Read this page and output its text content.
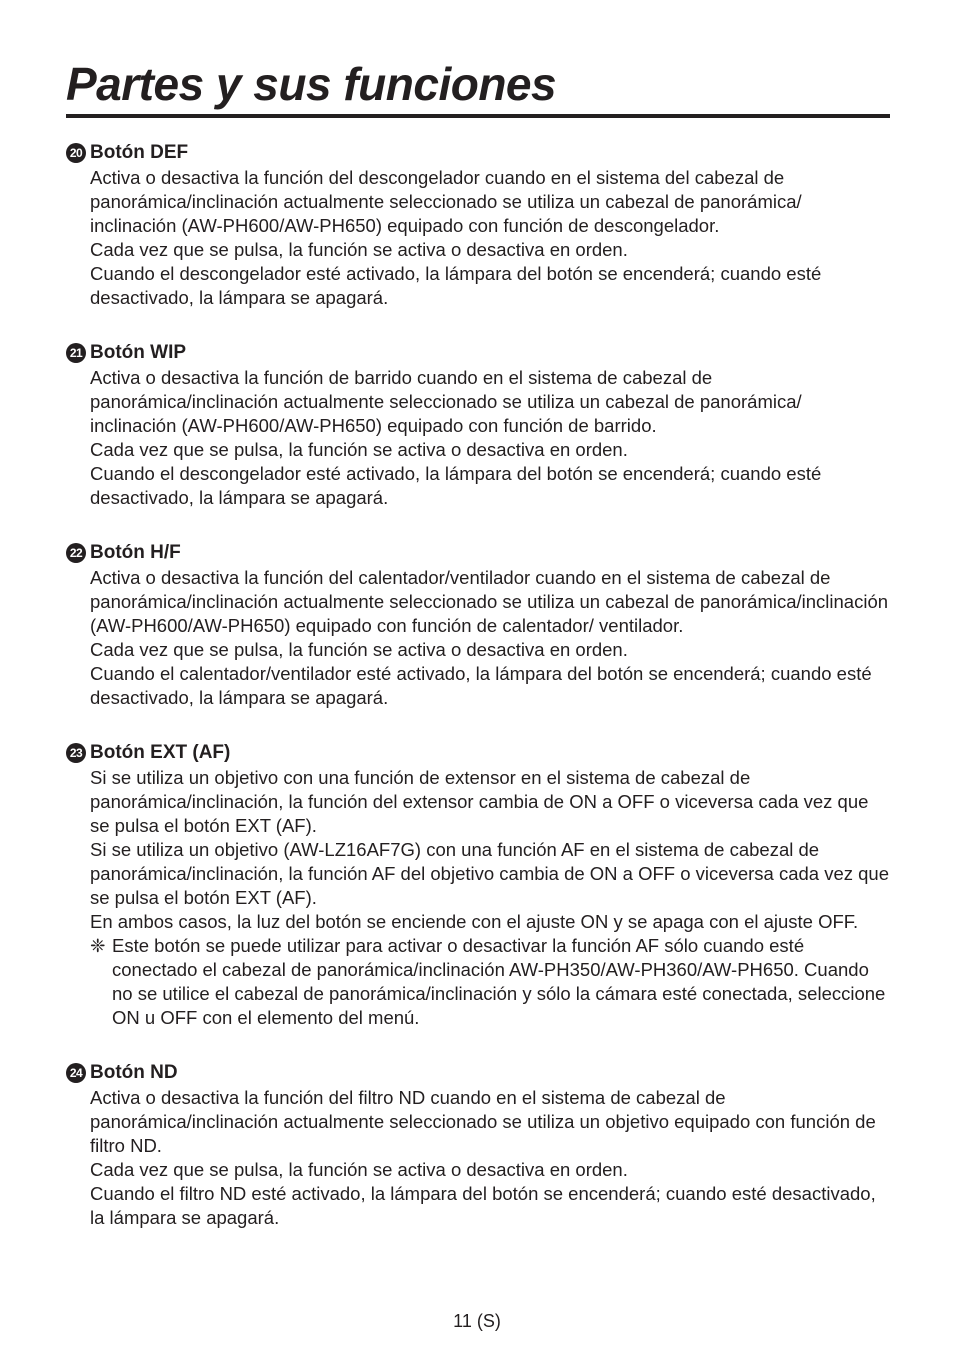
Partes y sus funciones
20 Botón DEF

Activa o desactiva la función del descongelador cuando en el sistema del cabezal de panorámica/inclinación actualmente seleccionado se utiliza un cabezal de panorámica/ inclinación (AW-PH600/AW-PH650) equipado con función de descongelador.

Cada vez que se pulsa, la función se activa o desactiva en orden.

Cuando el descongelador esté activado, la lámpara del botón se encenderá; cuando esté desactivado, la lámpara se apagará.

21 Botón WIP

Activa o desactiva la función de barrido cuando en el sistema de cabezal de panorámica/inclinación actualmente seleccionado se utiliza un cabezal de panorámica/ inclinación (AW-PH600/AW-PH650) equipado con función de barrido.

Cada vez que se pulsa, la función se activa o desactiva en orden.

Cuando el descongelador esté activado, la lámpara del botón se encenderá; cuando esté desactivado, la lámpara se apagará.

22 Botón H/F

Activa o desactiva la función del calentador/ventilador cuando en el sistema de cabezal de panorámica/inclinación actualmente seleccionado se utiliza un cabezal de panorámica/inclinación (AW-PH600/AW-PH650) equipado con función de calentador/ ventilador.

Cada vez que se pulsa, la función se activa o desactiva en orden.

Cuando el calentador/ventilador esté activado, la lámpara del botón se encenderá; cuando esté desactivado, la lámpara se apagará.

23 Botón EXT (AF)

Si se utiliza un objetivo con una función de extensor en el sistema de cabezal de panorámica/inclinación, la función del extensor cambia de ON a OFF o viceversa cada vez que se pulsa el botón EXT (AF).

Si se utiliza un objetivo (AW-LZ16AF7G) con una función AF en el sistema de cabezal de panorámica/inclinación, la función AF del objetivo cambia de ON a OFF o viceversa cada vez que se pulsa el botón EXT (AF).

En ambos casos, la luz del botón se enciende con el ajuste ON y se apaga con el ajuste OFF.

❈ Este botón se puede utilizar para activar o desactivar la función AF sólo cuando esté conectado el cabezal de panorámica/inclinación AW-PH350/AW-PH360/AW-PH650. Cuando no se utilice el cabezal de panorámica/inclinación y sólo la cámara esté conectada, seleccione ON u OFF con el elemento del menú.
24 Botón ND

Activa o desactiva la función del filtro ND cuando en el sistema de cabezal de panorámica/inclinación actualmente seleccionado se utiliza un objetivo equipado con función de filtro ND.

Cada vez que se pulsa, la función se activa o desactiva en orden.

Cuando el filtro ND esté activado, la lámpara del botón se encenderá; cuando esté desactivado, la lámpara se apagará.

11 (S)
